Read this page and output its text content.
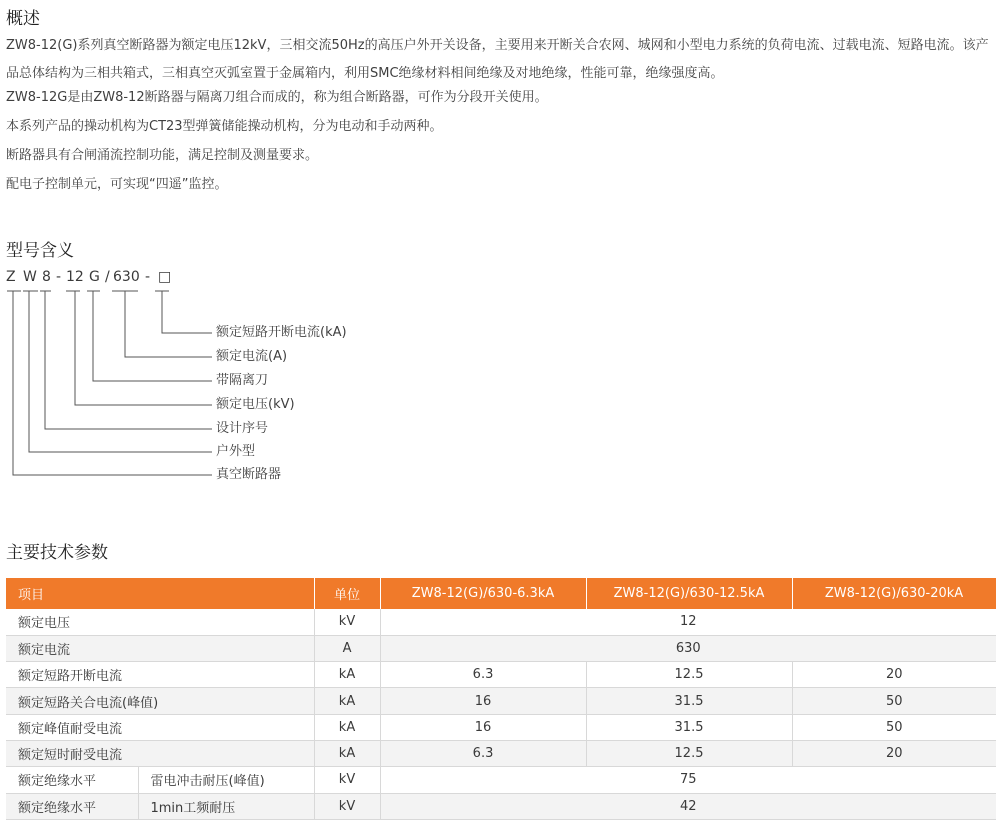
概述

ZW8-12(G)系列真空断路器为额定电压12kV，三相交流50Hz的高压户外开关设备，主要用来开断关合农网、城网和小型电力系统的负荷电流、过载电流、短路电流。该产品总体结构为三相共箱式，三相真空灭弧室置于金属箱内，利用SMC绝缘材料相间绝缘及对地绝缘，性能可靠，绝缘强度高。

ZW8-12G是由ZW8-12断路器与隔离刀组合而成的，称为组合断路器，可作为分段开关使用。

本系列产品的操动机构为CT23型弹簧储能操动机构，分为电动和手动两种。

断路器具有合闸涌流控制功能，满足控制及测量要求。

配电子控制单元，可实现“四遥”监控。

型号含义
Z W 8 - 12 G / 630 - □
额定短路开断电流(kA)
额定电流(A)
带隔离刀
额定电压(kV)
设计序号
户外型
真空断路器
主要技术参数
项目		单位	ZW8-12(G)/630-6.3kA	ZW8-12(G)/630-12.5kA	ZW8-12(G)/630-20kA
额定电压		kV	12		
额定电流		A	630		
额定短路开断电流		kA	6.3	12.5	20
额定短路关合电流(峰值)		kA	16	31.5	50
额定峰值耐受电流		kA	16	31.5	50
额定短时耐受电流		kA	6.3	12.5	20
额定绝缘水平	雷电冲击耐压(峰值)	kV	75		
额定绝缘水平	1min工频耐压	kV	42		
